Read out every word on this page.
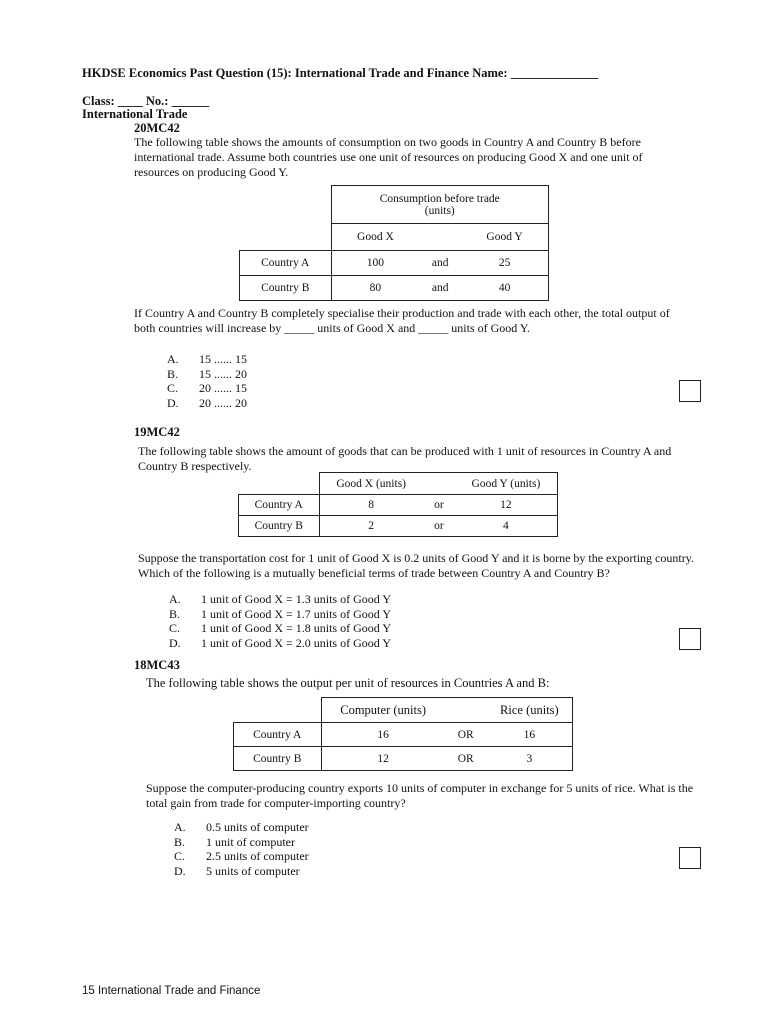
HKDSE Economics Past Question (15): International Trade and Finance Name: ______________
Class: ____ No.: ______
International Trade
20MC42
The following table shows the amounts of consumption on two goods in Country A and Country B before international trade. Assume both countries use one unit of resources on producing Good X and one unit of resources on producing Good Y.

	Consumption before trade
(units)		

	Good X		Good Y
Country A	100	and	25
Country B	80	and	40
If Country A and Country B completely specialise their production and trade with each other, the total output of both countries will increase by _____ units of Good X and _____ units of Good Y.
A. 15 ...... 15
B. 15 ...... 20
C. 20 ...... 15
D. 20 ...... 20
19MC42
The following table shows the amount of goods that can be produced with 1 unit of resources in Country A and Country B respectively.
	Good X (units)		Good Y (units)
Country A	8	or	12
Country B	2	or	4
Suppose the transportation cost for 1 unit of Good X is 0.2 units of Good Y and it is borne by the exporting country. Which of the following is a mutually beneficial terms of trade between Country A and Country B?
A. 1 unit of Good X = 1.3 units of Good Y
B. 1 unit of Good X = 1.7 units of Good Y
C. 1 unit of Good X = 1.8 units of Good Y
D. 1 unit of Good X = 2.0 units of Good Y
18MC43
The following table shows the output per unit of resources in Countries A and B:
	Computer (units)		Rice (units)
Country A	16	OR	16
Country B	12	OR	3
Suppose the computer-producing country exports 10 units of computer in exchange for 5 units of rice. What is the total gain from trade for computer-importing country?
A. 0.5 units of computer
B. 1 unit of computer
C. 2.5 units of computer
D. 5 units of computer
15 International Trade and Finance
